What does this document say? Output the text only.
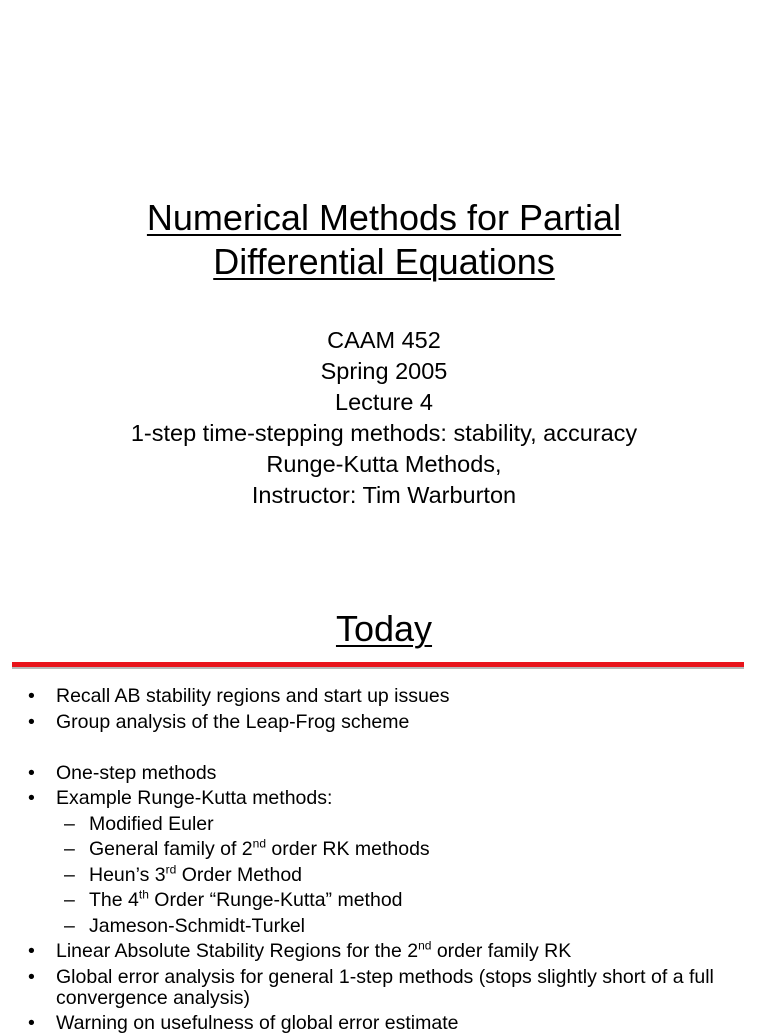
Numerical Methods for Partial
Differential Equations
CAAM 452
Spring 2005
Lecture 4
1-step time-stepping methods: stability, accuracy
Runge-Kutta Methods,
Instructor: Tim Warburton
Today
• Recall AB stability regions and start up issues
• Group analysis of the Leap-Frog scheme
• One-step methods
• Example Runge-Kutta methods:
– Modified Euler
– General family of 2nd order RK methods
– Heun’s 3rd Order Method
– The 4th Order “Runge-Kutta” method
– Jameson-Schmidt-Turkel
• Linear Absolute Stability Regions for the 2nd order family RK
• Global error analysis for general 1-step methods (stops slightly short of a full convergence analysis)
• Warning on usefulness of global error estimate
